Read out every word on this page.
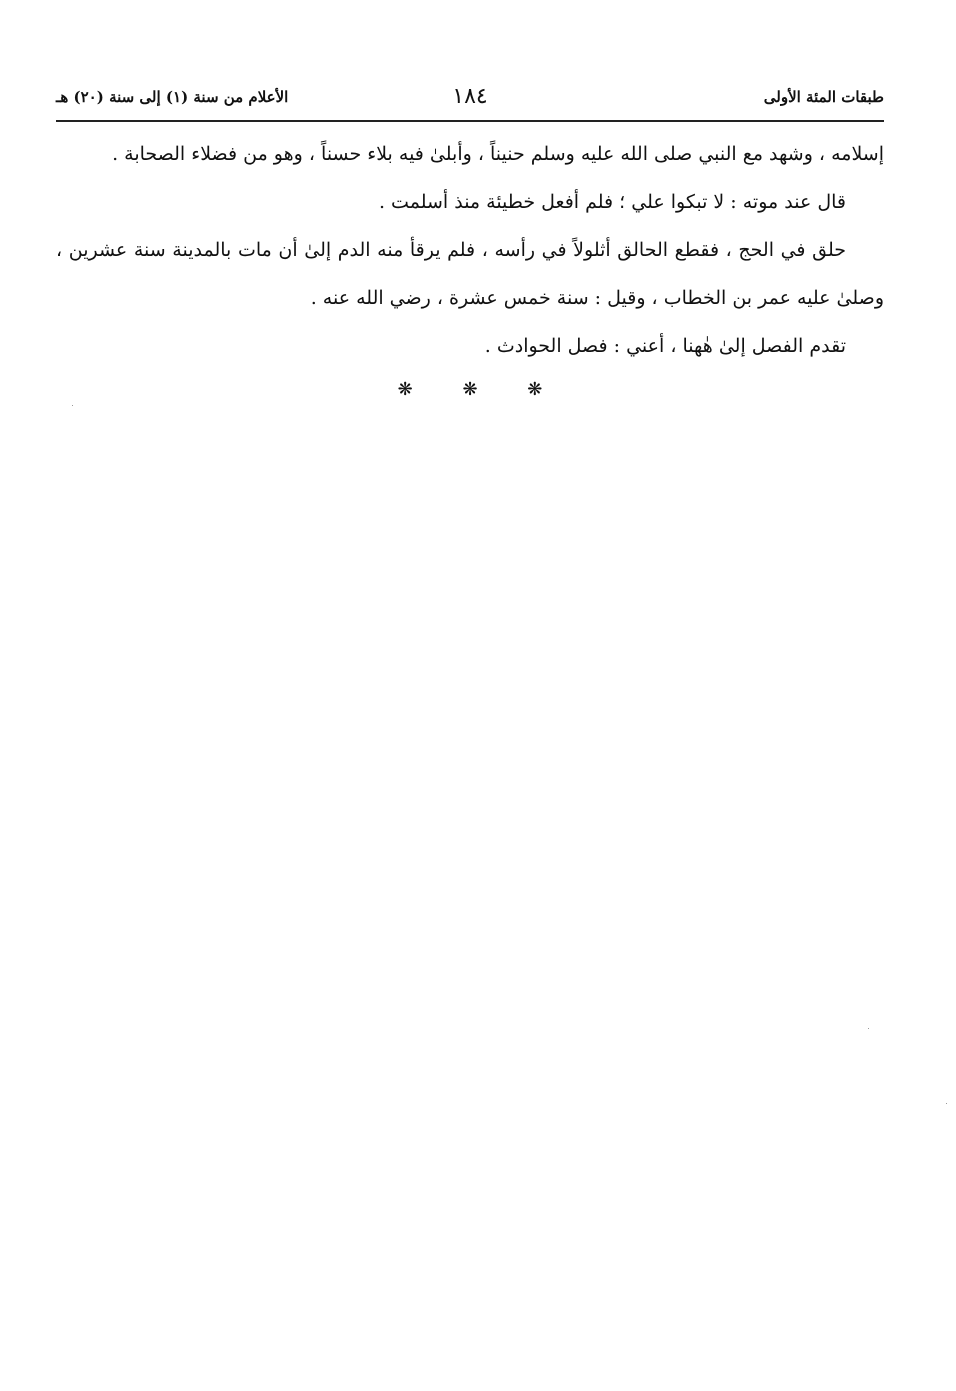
طبقات المئة الأولى
١٨٤
الأعلام من سنة (١) إلى سنة (٢٠) هـ

إسلامه ، وشهد مع النبي صلى الله عليه وسلم حنيناً ، وأبلىٰ فيه بلاء حسناً ، وهو من فضلاء الصحابة .

قال عند موته : لا تبكوا علي ؛ فلم أفعل خطيئة منذ أسلمت .

حلق في الحج ، فقطع الحالق أثلولاً في رأسه ، فلم يرقأ منه الدم إلىٰ أن مات بالمدينة سنة عشرين ، وصلىٰ عليه عمر بن الخطاب ، وقيل : سنة خمس عشرة ، رضي الله عنه .

تقدم الفصل إلىٰ هٰهنا ، أعني : فصل الحوادث .

❋ ❋ ❋
